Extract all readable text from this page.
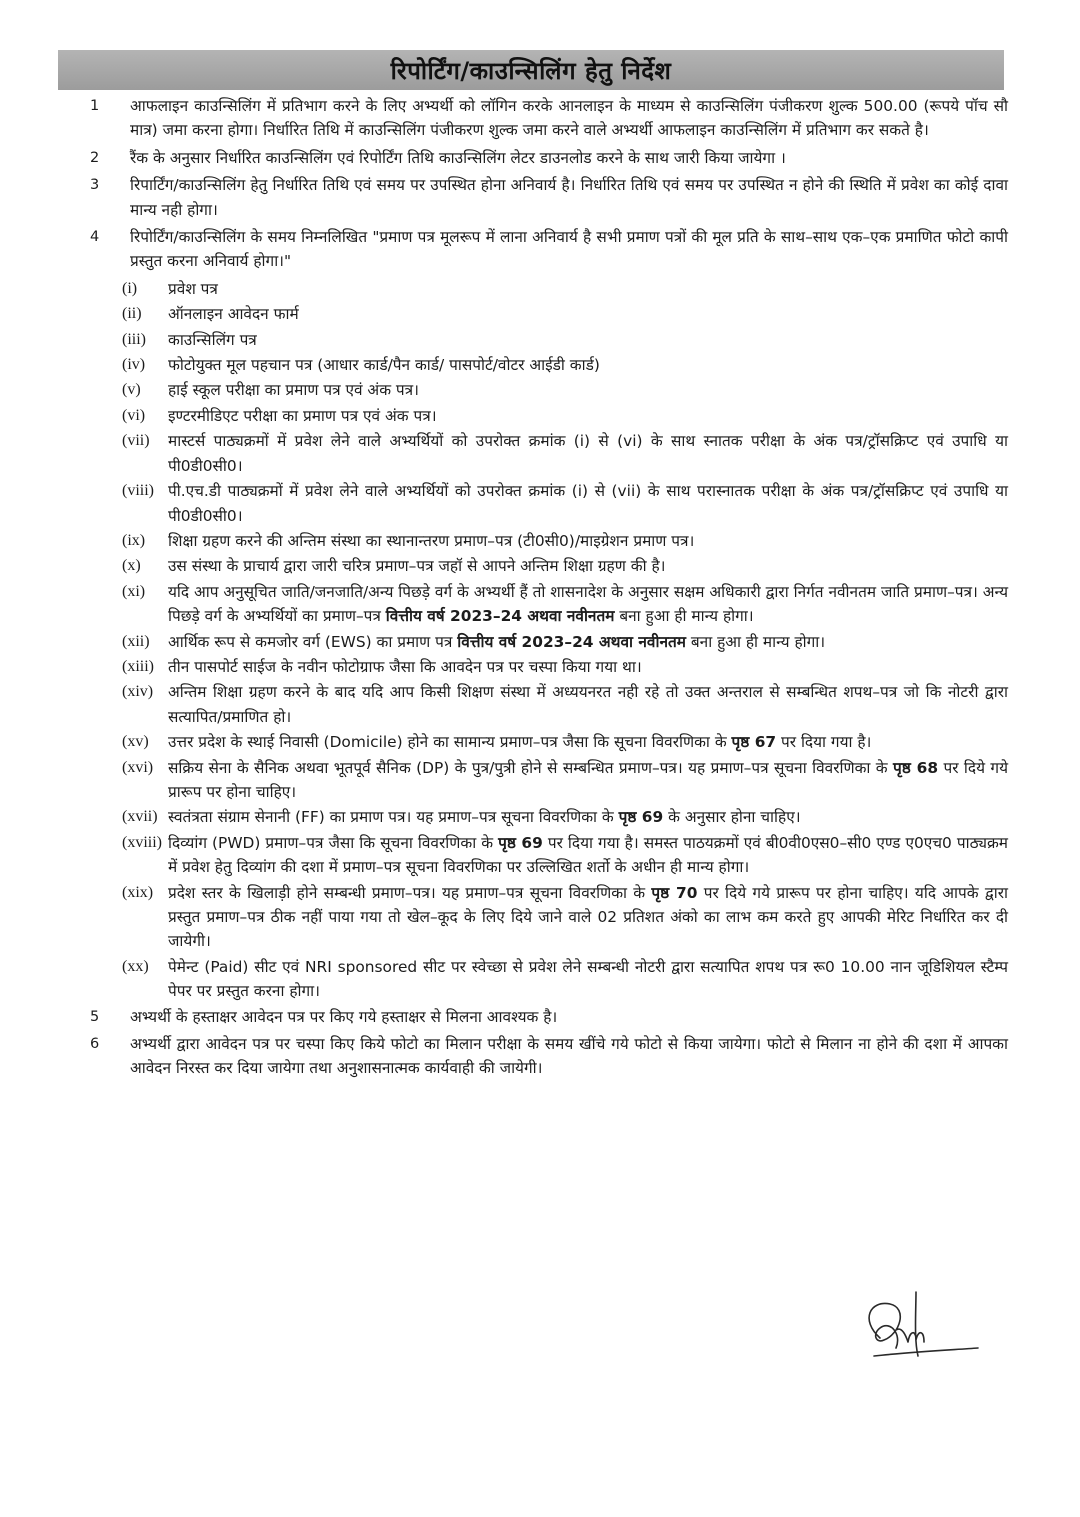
रिपोर्टिंग/काउन्सिलिंग हेतु निर्देश
1	आफलाइन काउन्सिलिंग में प्रतिभाग करने के लिए अभ्यर्थी को लॉगिन करके आनलाइन के माध्यम से काउन्सिलिंग पंजीकरण शुल्क 500.00 (रूपये पॉच सौ मात्र) जमा करना होगा। निर्धारित तिथि में काउन्सिलिंग पंजीकरण शुल्क जमा करने वाले अभ्यर्थी आफलाइन काउन्सिलिंग में प्रतिभाग कर सकते है।
2	रैंक के अनुसार निर्धारित काउन्सिलिंग एवं रिपोर्टिंग तिथि काउन्सिलिंग लेटर डाउनलोड करने के साथ जारी किया जायेगा ।
3	रिपार्टिंग/काउन्सिलिंग हेतु निर्धारित तिथि एवं समय पर उपस्थित होना अनिवार्य है। निर्धारित तिथि एवं समय पर उपस्थित न होने की स्थिति में प्रवेश का कोई दावा मान्य नही होगा।
4	रिपोर्टिंग/काउन्सिलिंग के समय निम्नलिखित "प्रमाण पत्र मूलरूप में लाना अनिवार्य है सभी प्रमाण पत्रों की मूल प्रति के साथ–साथ एक–एक प्रमाणित फोटो कापी प्रस्तुत करना अनिवार्य होगा।"
(i)	प्रवेश पत्र
(ii)	ऑनलाइन आवेदन फार्म
(iii)	काउन्सिलिंग पत्र
(iv)	फोटोयुक्त मूल पहचान पत्र (आधार कार्ड/पैन कार्ड/ पासपोर्ट/वोटर आईडी कार्ड)
(v)	हाई स्कूल परीक्षा का प्रमाण पत्र एवं अंक पत्र।
(vi)	इण्टरमीडिएट परीक्षा का प्रमाण पत्र एवं अंक पत्र।
(vii)	मास्टर्स पाठ्यक्रमों में प्रवेश लेने वाले अभ्यर्थियों को उपरोक्त क्रमांक (i) से (vi) के साथ स्नातक परीक्षा के अंक पत्र/ट्रॉसक्रिप्ट एवं उपाधि या पी0डी0सी0।
(viii) पी.एच.डी पाठ्यक्रमों में प्रवेश लेने वाले अभ्यर्थियों को उपरोक्त क्रमांक (i) से (vii) के साथ परास्नातक परीक्षा के अंक पत्र/ट्रॉसक्रिप्ट एवं उपाधि या पी0डी0सी0।
(ix)	शिक्षा ग्रहण करने की अन्तिम संस्था का स्थानान्तरण प्रमाण–पत्र (टी0सी0)/माइग्रेशन प्रमाण पत्र।
(x)	उस संस्था के प्राचार्य द्वारा जारी चरित्र प्रमाण–पत्र जहॉ से आपने अन्तिम शिक्षा ग्रहण की है।
(xi)	यदि आप अनुसूचित जाति/जनजाति/अन्य पिछड़े वर्ग के अभ्यर्थी हैं तो शासनादेश के अनुसार सक्षम अधिकारी द्वारा निर्गत नवीनतम जाति प्रमाण–पत्र। अन्य पिछड़े वर्ग के अभ्यर्थियों का प्रमाण–पत्र वित्तीय वर्ष 2023–24 अथवा नवीनतम बना हुआ ही मान्य होगा।
(xii)	आर्थिक रूप से कमजोर वर्ग (EWS) का प्रमाण पत्र वित्तीय वर्ष 2023–24 अथवा नवीनतम बना हुआ ही मान्य होगा।
(xiii) तीन पासपोर्ट साईज के नवीन फोटोग्राफ जैसा कि आवदेन पत्र पर चस्पा किया गया था।
(xiv) अन्तिम शिक्षा ग्रहण करने के बाद यदि आप किसी शिक्षण संस्था में अध्ययनरत नही रहे तो उक्त अन्तराल से सम्बन्धित शपथ–पत्र जो कि नोटरी द्वारा सत्यापित/प्रमाणित हो।
(xv)	उत्तर प्रदेश के स्थाई निवासी (Domicile) होने का सामान्य प्रमाण–पत्र जैसा कि सूचना विवरणिका के पृष्ठ 67 पर दिया गया है।
(xvi) सक्रिय सेना के सैनिक अथवा भूतपूर्व सैनिक (DP) के पुत्र/पुत्री होने से सम्बन्धित प्रमाण–पत्र। यह प्रमाण–पत्र सूचना विवरणिका के पृष्ठ 68 पर दिये गये प्रारूप पर होना चाहिए।
(xvii) स्वतंत्रता संग्राम सेनानी (FF) का प्रमाण पत्र। यह प्रमाण–पत्र सूचना विवरणिका के पृष्ठ 69 के अनुसार होना चाहिए।
(xviii) दिव्यांग (PWD) प्रमाण–पत्र जैसा कि सूचना विवरणिका के पृष्ठ 69 पर दिया गया है। समस्त पाठयक्रमों एवं बी0वी0एस0–सी0 एण्ड ए0एच0 पाठ्यक्रम में प्रवेश हेतु दिव्यांग की दशा में प्रमाण–पत्र सूचना विवरणिका पर उल्लिखित शर्तो के अधीन ही मान्य होगा।
(xix) प्रदेश स्तर के खिलाड़ी होने सम्बन्धी प्रमाण–पत्र। यह प्रमाण–पत्र सूचना विवरणिका के पृष्ठ 70 पर दिये गये प्रारूप पर होना चाहिए। यदि आपके द्वारा प्रस्तुत प्रमाण–पत्र ठीक नहीं पाया गया तो खेल–कूद के लिए दिये जाने वाले 02 प्रतिशत अंको का लाभ कम करते हुए आपकी मेरिट निर्धारित कर दी जायेगी।
(xx)	पेमेन्ट (Paid) सीट एवं NRI sponsored सीट पर स्वेच्छा से प्रवेश लेने सम्बन्धी नोटरी द्वारा सत्यापित शपथ पत्र रू0 10.00 नान जूडिशियल स्टैम्प पेपर पर प्रस्तुत करना होगा।
5	अभ्यर्थी के हस्ताक्षर आवेदन पत्र पर किए गये हस्ताक्षर से मिलना आवश्यक है।
6	अभ्यर्थी द्वारा आवेदन पत्र पर चस्पा किए किये फोटो का मिलान परीक्षा के समय खींचे गये फोटो से किया जायेगा। फोटो से मिलान ना होने की दशा में आपका आवेदन निरस्त कर दिया जायेगा तथा अनुशासनात्मक कार्यवाही की जायेगी।
